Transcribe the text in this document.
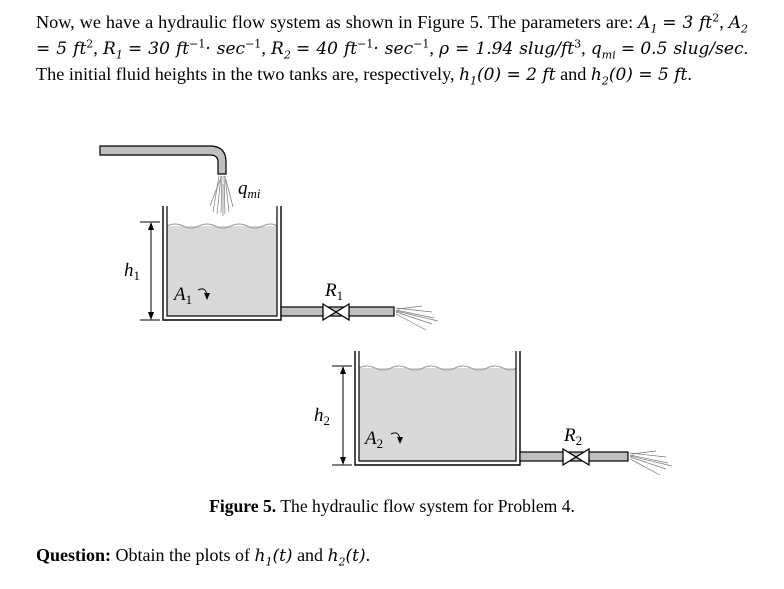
Now, we have a hydraulic flow system as shown in Figure 5. The parameters are: $A_1 = 3$ $ft^2$, $A_2 = 5$ $ft^2$, $R_1 = 30$ $ft^{-1}\cdot \sec^{-1}$, $R_2 = 40$ $ft^{-1}\cdot \sec^{-1}$, ρ = 1.94 slug/$ft^3$, $q_{mi} = 0.5$ slug/sec. The initial fluid heights in the two tanks are, respectively, $h_1(0) = 2$ ft and $h_2(0) = 5$ ft.

$q_{mi}$
$h_1$
$A_1$	$R_1$
$h_2$
$A_2$	$R_2$
Figure 5. The hydraulic flow system for Problem 4.
Question: Obtain the plots of $h_1(t)$ and $h_2(t)$.
